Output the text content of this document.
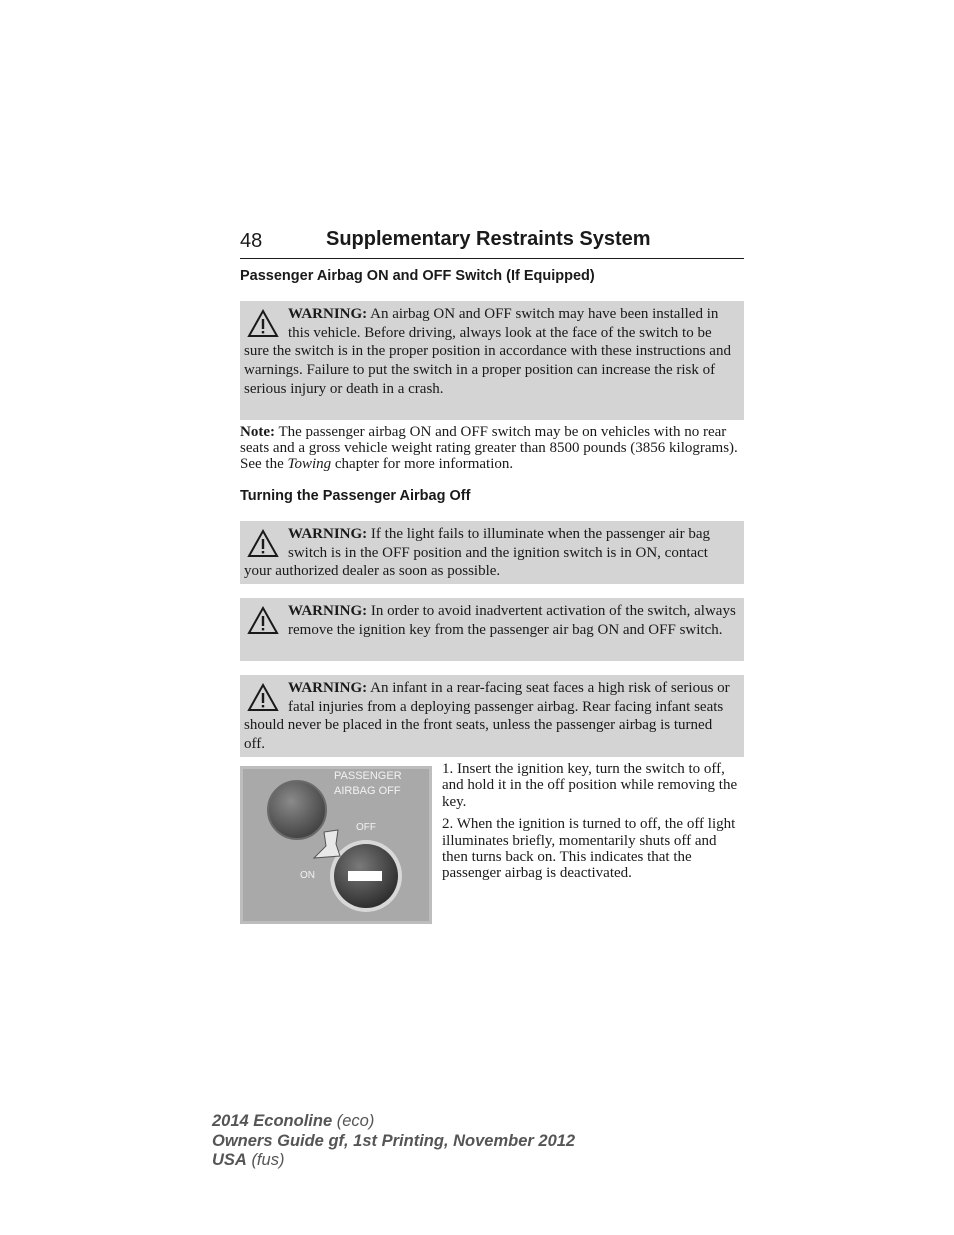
48	Supplementary Restraints System
Passenger Airbag ON and OFF Switch (If Equipped)
WARNING: An airbag ON and OFF switch may have been installed in this vehicle. Before driving, always look at the face of the switch to be sure the switch is in the proper position in accordance with these instructions and warnings. Failure to put the switch in a proper position can increase the risk of serious injury or death in a crash.
Note: The passenger airbag ON and OFF switch may be on vehicles with no rear seats and a gross vehicle weight rating greater than 8500 pounds (3856 kilograms). See the Towing chapter for more information.
Turning the Passenger Airbag Off
WARNING: If the light fails to illuminate when the passenger air bag switch is in the OFF position and the ignition switch is in ON, contact your authorized dealer as soon as possible.
WARNING: In order to avoid inadvertent activation of the switch, always remove the ignition key from the passenger air bag ON and OFF switch.
WARNING: An infant in a rear-facing seat faces a high risk of serious or fatal injuries from a deploying passenger airbag. Rear facing infant seats should never be placed in the front seats, unless the passenger airbag is turned off.
PASSENGER
AIRBAG OFF
OFF
ON

1. Insert the ignition key, turn the switch to off, and hold it in the off position while removing the key.

2. When the ignition is turned to off, the off light illuminates briefly, momentarily shuts off and then turns back on. This indicates that the passenger airbag is deactivated.

2014 Econoline (eco)
Owners Guide gf, 1st Printing, November 2012
USA (fus)
